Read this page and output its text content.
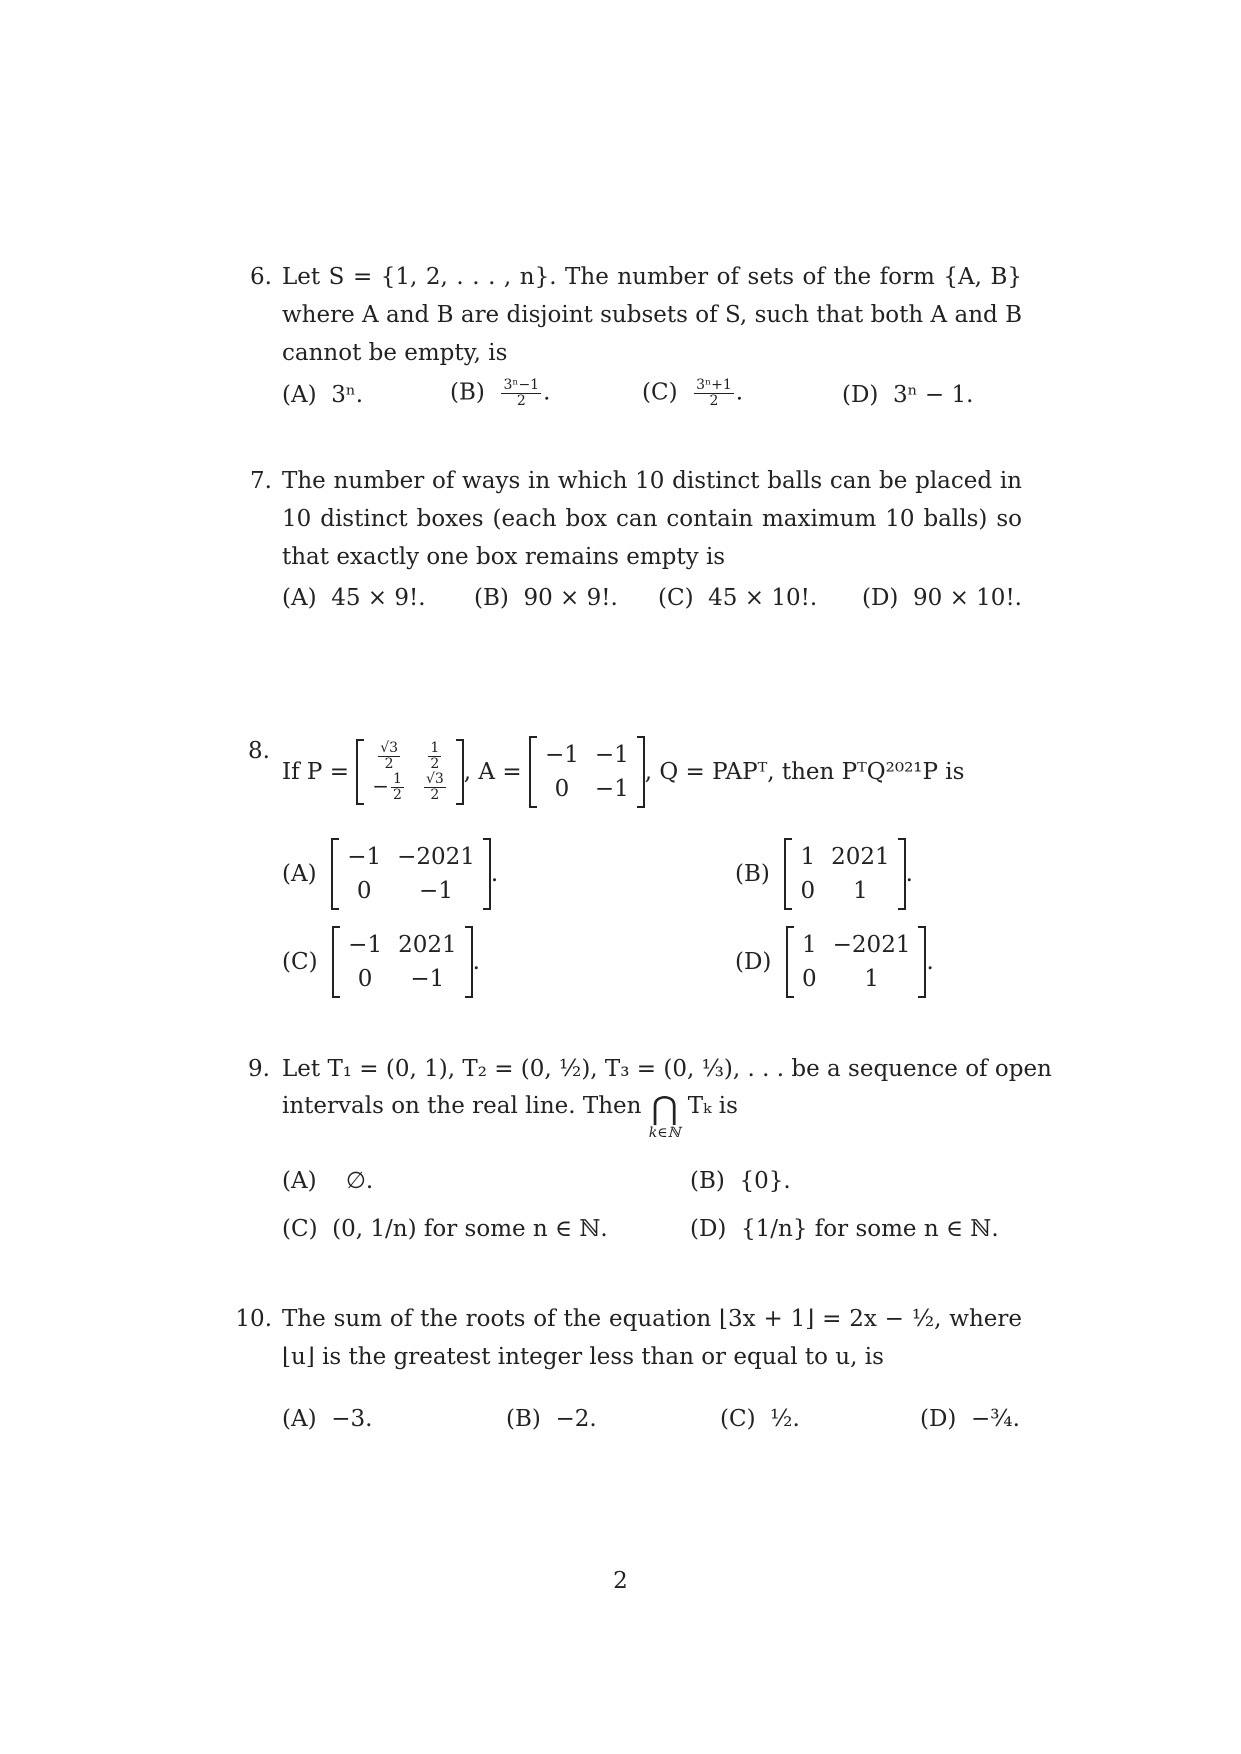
6. Let S = {1, 2, . . . , n}. The number of sets of the form {A, B} where A and B are disjoint subsets of S, such that both A and B cannot be empty, is
(A) 3ⁿ.	$(B) \frac{\text{3ⁿ−1}}{2}$ .	$(C) \frac{\text{3ⁿ+1}}{2}$ .	(D) 3ⁿ − 1.
7. The number of ways in which 10 distinct balls can be placed in 10 distinct boxes (each box can contain maximum 10 balls) so that exactly one box remains empty is
(A) 45 × 9!. (B) 90 × 9!. (C) 45 × 10!. (D) 90 × 10!.
8.
If P =
$\frac{√3}{2}$	$\frac{1}{2}$

− $\frac{1}{2}$	$\frac{√3}{2}$ , A =

−1	−1
0	−1
, Q = PAPᵀ, then PᵀQ²⁰²¹P is
(A)

−1	−2021
0	−1
.	(B)

1	2021
0	1
.
(C)

−1	2021
0	−1
.	(D)

1	−2021
0	1
.
9. Let T₁ = (0, 1), T₂ = (0, ½), T₃ = (0, ⅓), . . . be a sequence of open
intervals on the real line. Then
⋂
k∈ℕ

Tₖ is
(A) ∅.	(B) {0}.
(C) (0, 1/n) for some n ∈ ℕ.	(D) {1/n} for some n ∈ ℕ.
10. The sum of the roots of the equation ⌊3x + 1⌋ = 2x − ½, where ⌊u⌋ is the greatest integer less than or equal to u, is
(A) −3.	(B) −2.	(C) ½.	(D) −¾.
2
